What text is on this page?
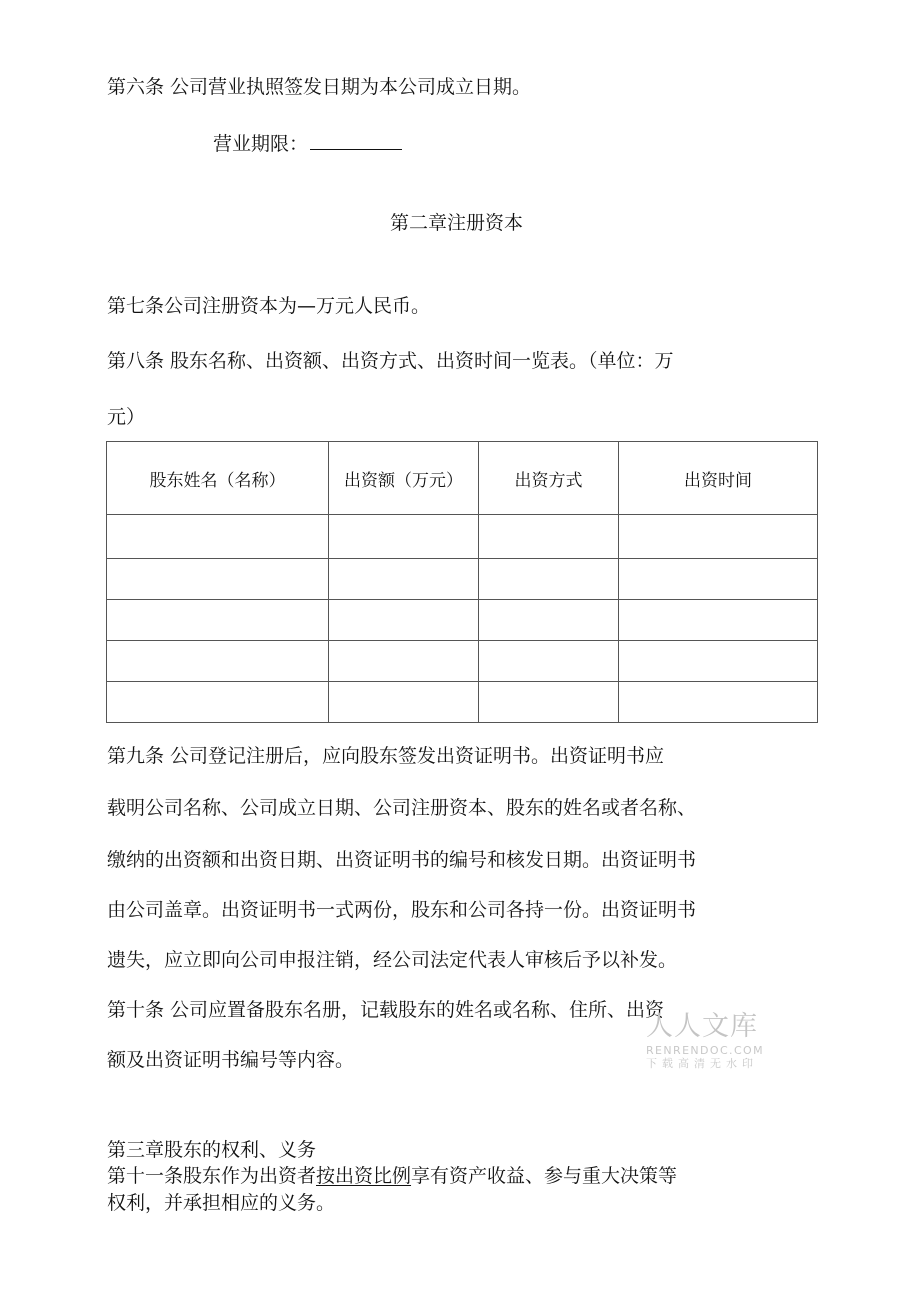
第六条 公司营业执照签发日期为本公司成立日期。
营业期限：
第二章注册资本
第七条公司注册资本为—万元人民币。
第八条 股东名称、出资额、出资方式、出资时间一览表。（单位：万
元）
股东姓名（名称）	出资额（万元）	出资方式	出资时间

第九条 公司登记注册后，应向股东签发出资证明书。出资证明书应
载明公司名称、公司成立日期、公司注册资本、股东的姓名或者名称、
缴纳的出资额和出资日期、出资证明书的编号和核发日期。出资证明书
由公司盖章。出资证明书一式两份，股东和公司各持一份。出资证明书
遗失，应立即向公司申报注销，经公司法定代表人审核后予以补发。
第十条 公司应置备股东名册，记载股东的姓名或名称、住所、出资
额及出资证明书编号等内容。
人人文库
RENRENDOC.COM
下载高清无水印
第三章股东的权利、义务
第十一条股东作为出资者按出资比例享有资产收益、参与重大决策等
权利，并承担相应的义务。
